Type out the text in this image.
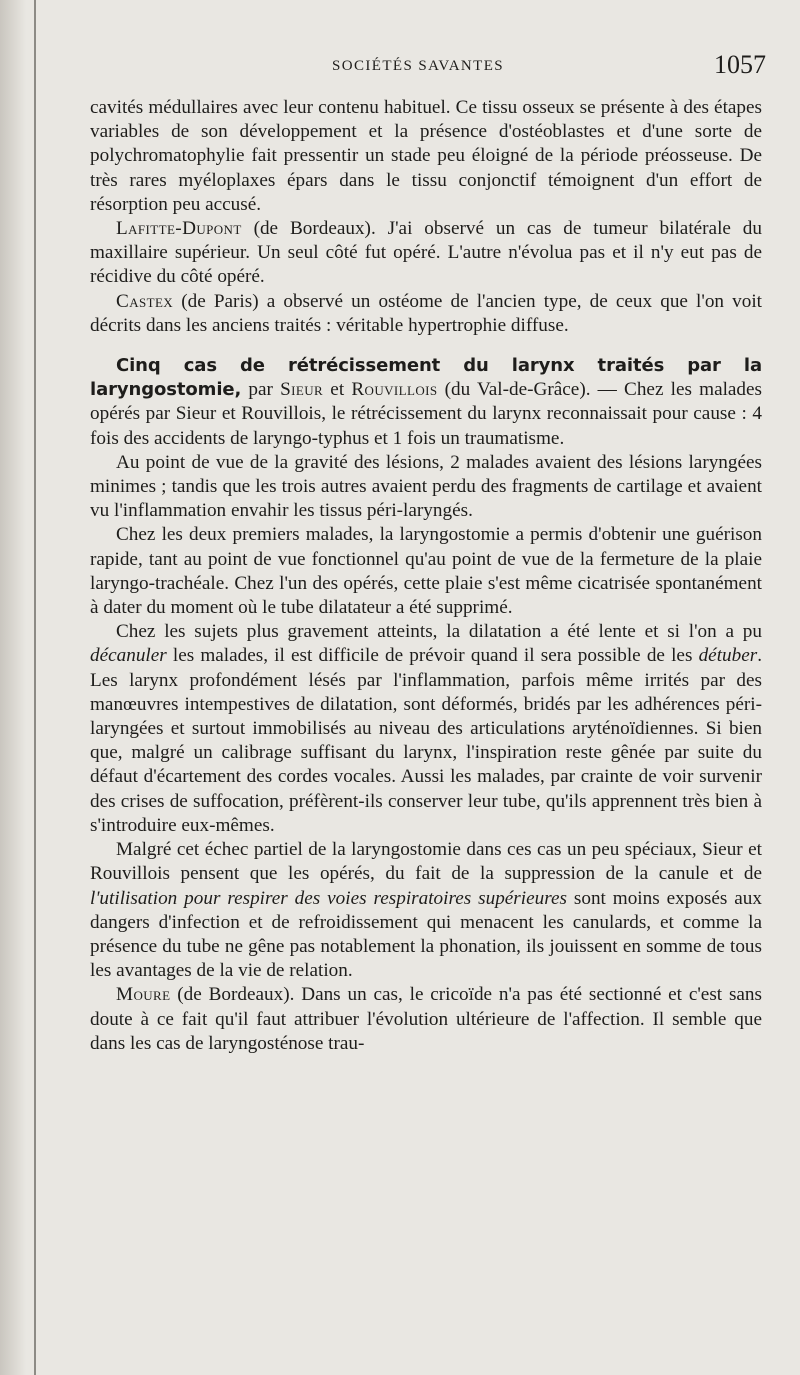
SOCIÉTÉS SAVANTES	1057

cavités médullaires avec leur contenu habituel. Ce tissu osseux se présente à des étapes variables de son développement et la présence d'ostéoblastes et d'une sorte de polychromatophylie fait pressentir un stade peu éloigné de la période préosseuse. De très rares myéloplaxes épars dans le tissu conjonctif témoignent d'un effort de résorption peu accusé.

Lafitte-Dupont (de Bordeaux). J'ai observé un cas de tumeur bilatérale du maxillaire supérieur. Un seul côté fut opéré. L'autre n'évolua pas et il n'y eut pas de récidive du côté opéré.

Castex (de Paris) a observé un ostéome de l'ancien type, de ceux que l'on voit décrits dans les anciens traités : véritable hypertrophie diffuse.

Cinq cas de rétrécissement du larynx traités par la laryngostomie, par Sieur et Rouvillois (du Val-de-Grâce). — Chez les malades opérés par Sieur et Rouvillois, le rétrécissement du larynx reconnaissait pour cause : 4 fois des accidents de laryngo-typhus et 1 fois un traumatisme.

Au point de vue de la gravité des lésions, 2 malades avaient des lésions laryngées minimes ; tandis que les trois autres avaient perdu des fragments de cartilage et avaient vu l'inflammation envahir les tissus péri-laryngés.

Chez les deux premiers malades, la laryngostomie a permis d'obtenir une guérison rapide, tant au point de vue fonctionnel qu'au point de vue de la fermeture de la plaie laryngo-trachéale. Chez l'un des opérés, cette plaie s'est même cicatrisée spontanément à dater du moment où le tube dilatateur a été supprimé.

Chez les sujets plus gravement atteints, la dilatation a été lente et si l'on a pu décanuler les malades, il est difficile de prévoir quand il sera possible de les détuber. Les larynx profondément lésés par l'inflammation, parfois même irrités par des manœuvres intempestives de dilatation, sont déformés, bridés par les adhérences péri-laryngées et surtout immobilisés au niveau des articulations aryténoïdiennes. Si bien que, malgré un calibrage suffisant du larynx, l'inspiration reste gênée par suite du défaut d'écartement des cordes vocales. Aussi les malades, par crainte de voir survenir des crises de suffocation, préfèrent-ils conserver leur tube, qu'ils apprennent très bien à s'introduire eux-mêmes.

Malgré cet échec partiel de la laryngostomie dans ces cas un peu spéciaux, Sieur et Rouvillois pensent que les opérés, du fait de la suppression de la canule et de l'utilisation pour respirer des voies respiratoires supérieures sont moins exposés aux dangers d'infection et de refroidissement qui menacent les canulards, et comme la présence du tube ne gêne pas notablement la phonation, ils jouissent en somme de tous les avantages de la vie de relation.

Moure (de Bordeaux). Dans un cas, le cricoïde n'a pas été sectionné et c'est sans doute à ce fait qu'il faut attribuer l'évolution ultérieure de l'affection. Il semble que dans les cas de laryngosténose trau-
